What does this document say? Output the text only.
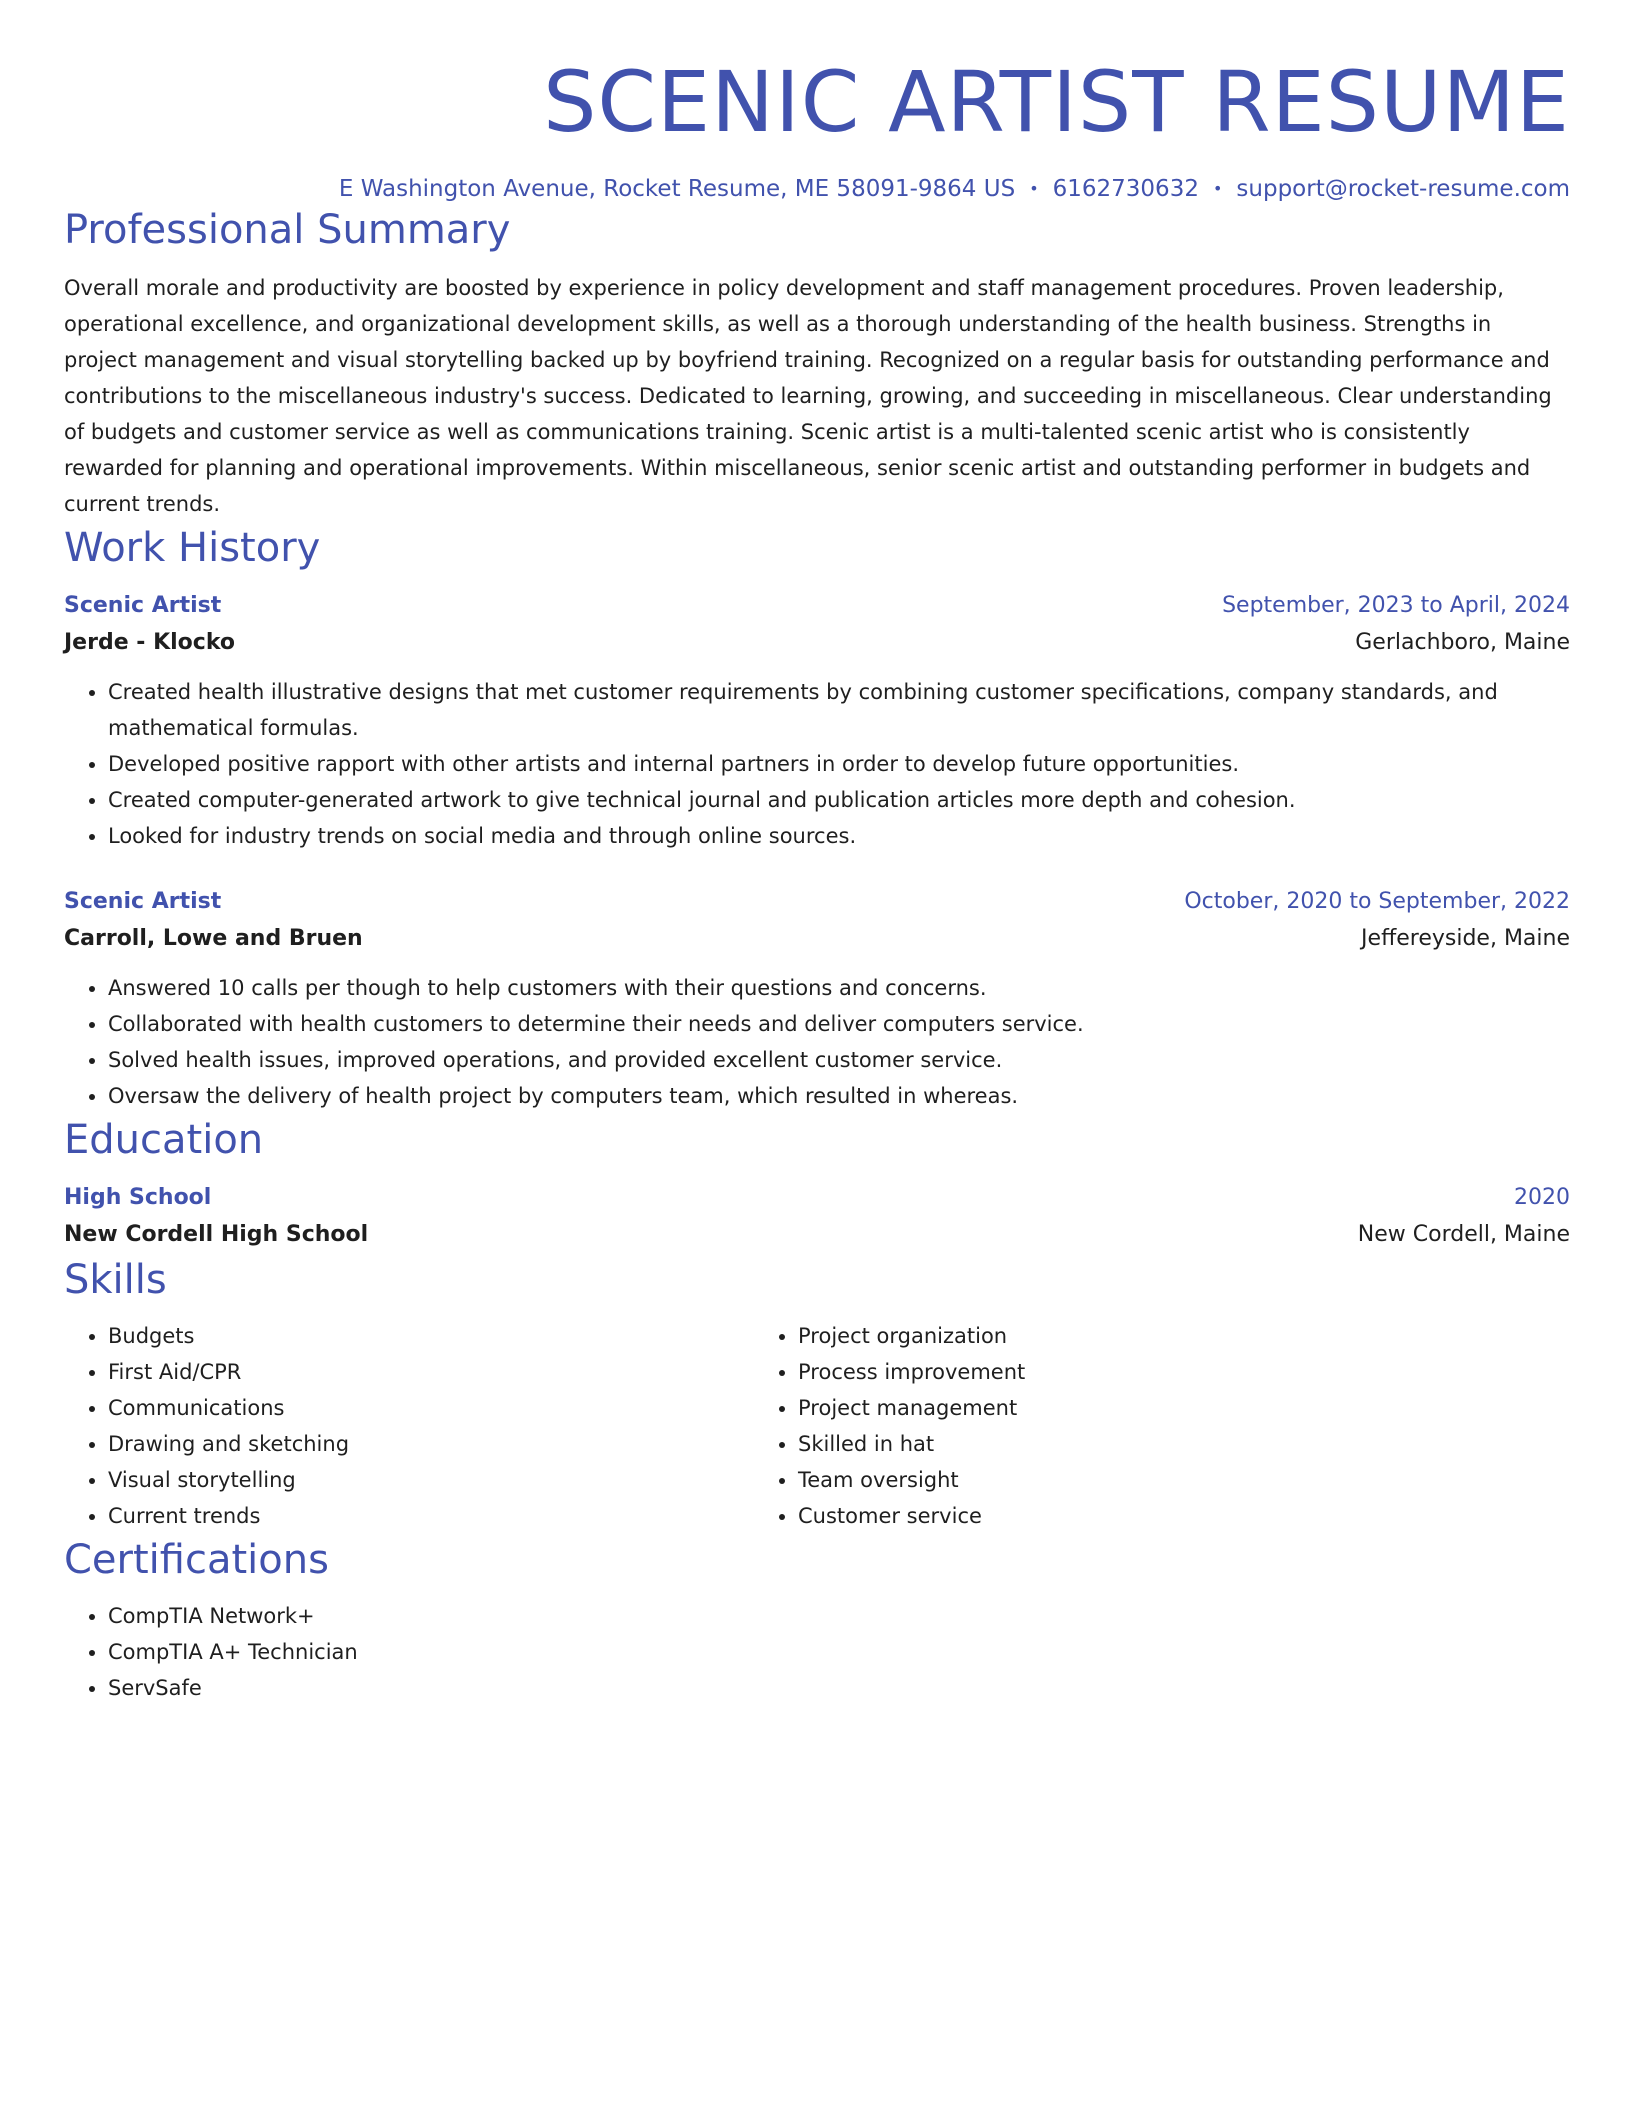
SCENIC ARTIST RESUME
E Washington Avenue, Rocket Resume, ME 58091-9864 US • 6162730632 • support@rocket-resume.com
Professional Summary
Overall morale and productivity are boosted by experience in policy development and staff management procedures. Proven leadership, operational excellence, and organizational development skills, as well as a thorough understanding of the health business. Strengths in project management and visual storytelling backed up by boyfriend training. Recognized on a regular basis for outstanding performance and contributions to the miscellaneous industry's success. Dedicated to learning, growing, and succeeding in miscellaneous. Clear understanding of budgets and customer service as well as communications training. Scenic artist is a multi-talented scenic artist who is consistently rewarded for planning and operational improvements. Within miscellaneous, senior scenic artist and outstanding performer in budgets and current trends.
Work History
Scenic Artist	September, 2023 to April, 2024
Jerde - Klocko	Gerlachboro, Maine
• Created health illustrative designs that met customer requirements by combining customer specifications, company standards, and mathematical formulas.
• Developed positive rapport with other artists and internal partners in order to develop future opportunities.
• Created computer-generated artwork to give technical journal and publication articles more depth and cohesion.
• Looked for industry trends on social media and through online sources.
Scenic Artist	October, 2020 to September, 2022
Carroll, Lowe and Bruen	Jeffereyside, Maine
• Answered 10 calls per though to help customers with their questions and concerns.
• Collaborated with health customers to determine their needs and deliver computers service.
• Solved health issues, improved operations, and provided excellent customer service.
• Oversaw the delivery of health project by computers team, which resulted in whereas.
Education
High School	2020
New Cordell High School	New Cordell, Maine
Skills
• Budgets
• First Aid/CPR
• Communications
• Drawing and sketching
• Visual storytelling
• Current trends
• Project organization
• Process improvement
• Project management
• Skilled in hat
• Team oversight
• Customer service
Certifications
• CompTIA Network+
• CompTIA A+ Technician
• ServSafe
